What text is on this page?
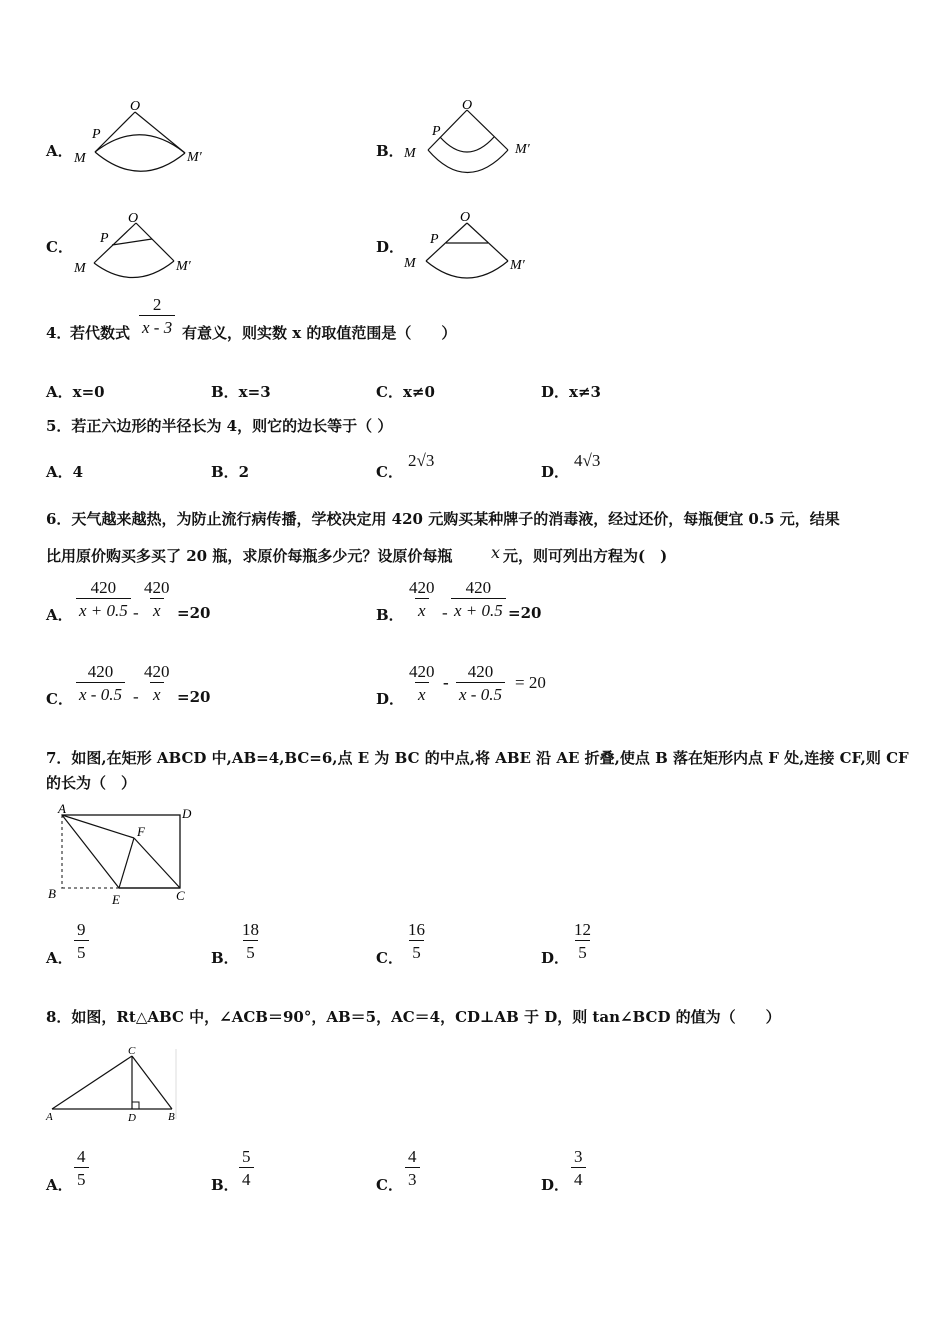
A．
O
P
M	M′	B．
O
P
M	M′
C．
O
P
M	M′
D．
O
P
M	M′
4．
若代数式 $\frac{2}{x - 3}$ 有意义，则实数 x 的取值范围是（　　）
A．x=0	B．x=3	C．x≠0	D．x≠3
5．若正六边形的半径长为 4，则它的边长等于（ ）
A．4	B．2	C．
2√3
D．
4√3
6．天气越来越热，为防止流行病传播，学校决定用 420 元购买某种牌子的消毒液，经过还价，每瓶便宜 0.5 元，结果
比用原价购买多买了 20 瓶，求原价每瓶多少元？设原价每瓶 x 元，则可列出方程为(　)
A． $\frac{420}{x + 0.5} - \frac{420}{x} =20$	B． $\frac{420}{x} - \frac{420}{x + 0.5} =20$
C． $\frac{420}{x - 0.5} - \frac{420}{x} =20$	D． $\frac{420}{x} - \frac{420}{x - 0.5} = 20$
7．如图,在矩形 ABCD 中,AB=4,BC=6,点 E 为 BC 的中点,将 ABE 沿 AE 折叠,使点 B 落在矩形内点 F 处,连接 CF,则 CF
的长为（　）
A	D
F
B	E	C
A． $\frac{9}{5}$	B． $\frac{18}{5}$	C． $\frac{16}{5}$	D． $\frac{12}{5}$
8．如图，Rt△ABC 中，∠ACB＝90°，AB＝5，AC＝4，CD⊥AB 于 D，则 tan∠BCD 的值为（　　）
C
A	D	B
A． $\frac{4}{5}$	B． $\frac{5}{4}$	C． $\frac{4}{3}$	D． $\frac{3}{4}$
